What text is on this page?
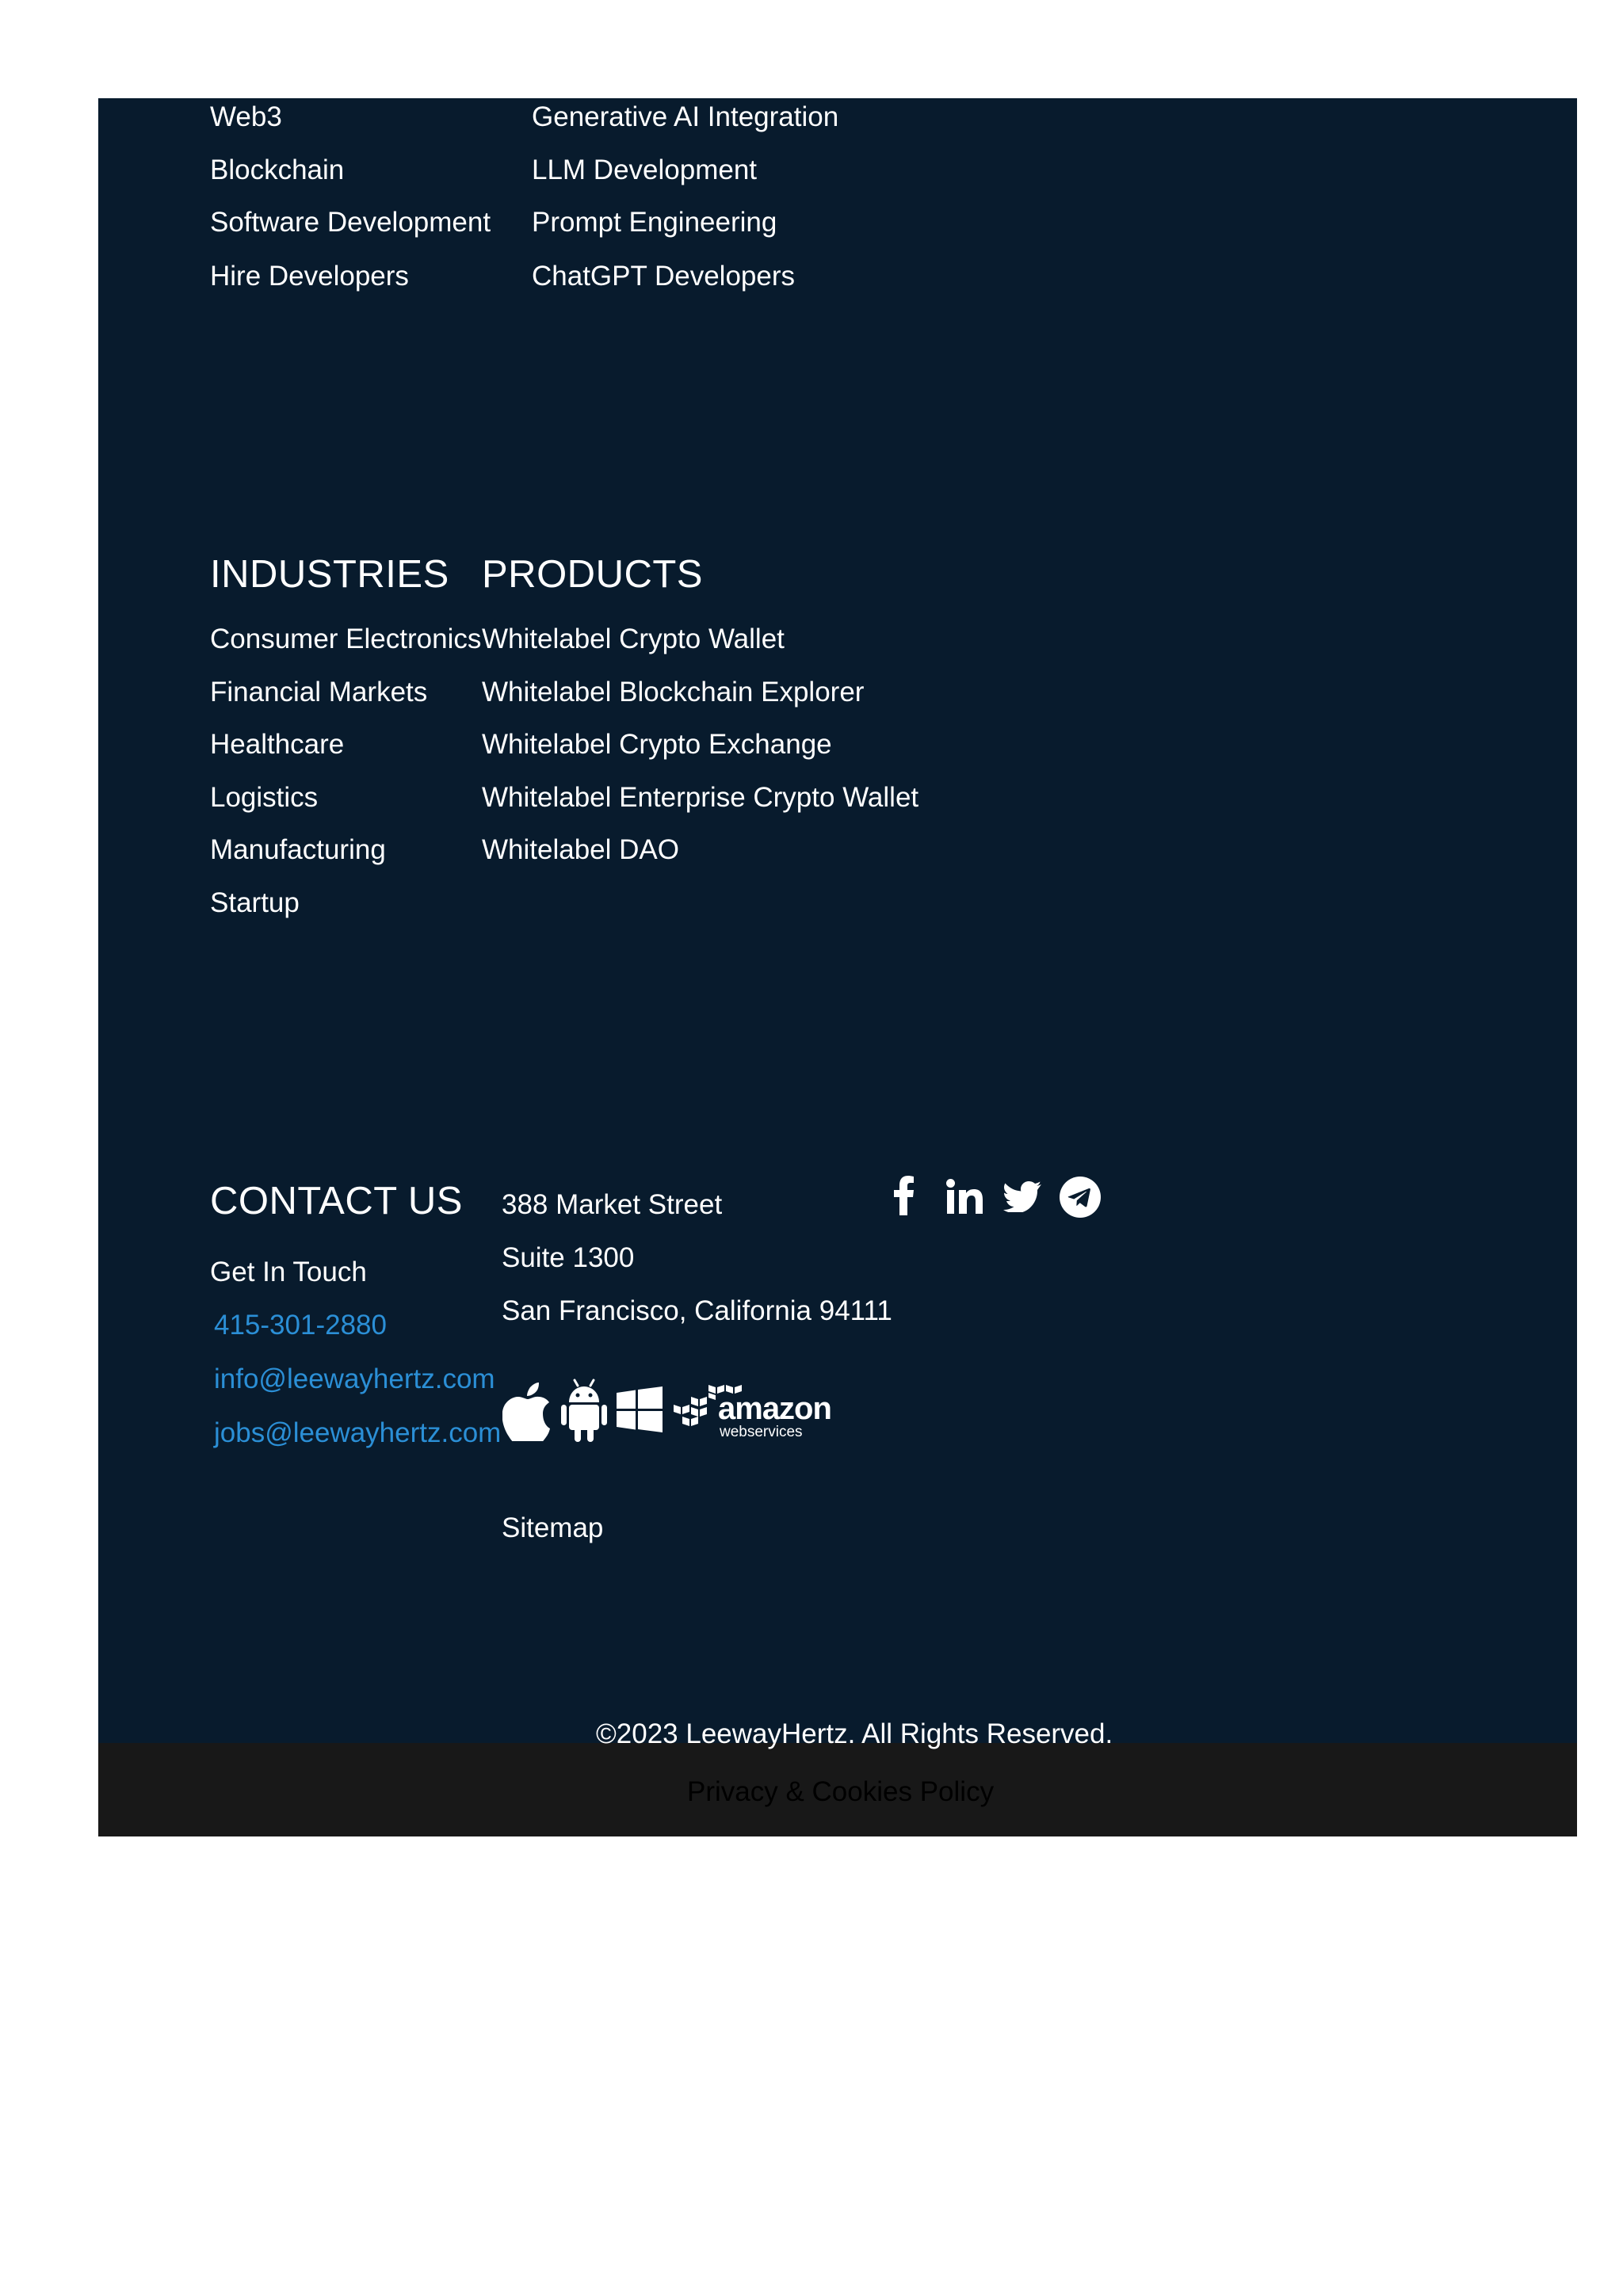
Web3
Blockchain
Software Development
Hire Developers
Generative AI Integration
LLM Development
Prompt Engineering
ChatGPT Developers
INDUSTRIES
Consumer Electronics
Financial Markets
Healthcare
Logistics
Manufacturing
Startup
PRODUCTS
Whitelabel Crypto Wallet
Whitelabel Blockchain Explorer
Whitelabel Crypto Exchange
Whitelabel Enterprise Crypto Wallet
Whitelabel DAO
CONTACT US
Get In Touch
415-301-2880
info@leewayhertz.com
jobs@leewayhertz.com
388 Market Street
Suite 1300
San Francisco, California 94111
amazon
webservices
Sitemap
©2023 LeewayHertz. All Rights Reserved.
Privacy & Cookies Policy
